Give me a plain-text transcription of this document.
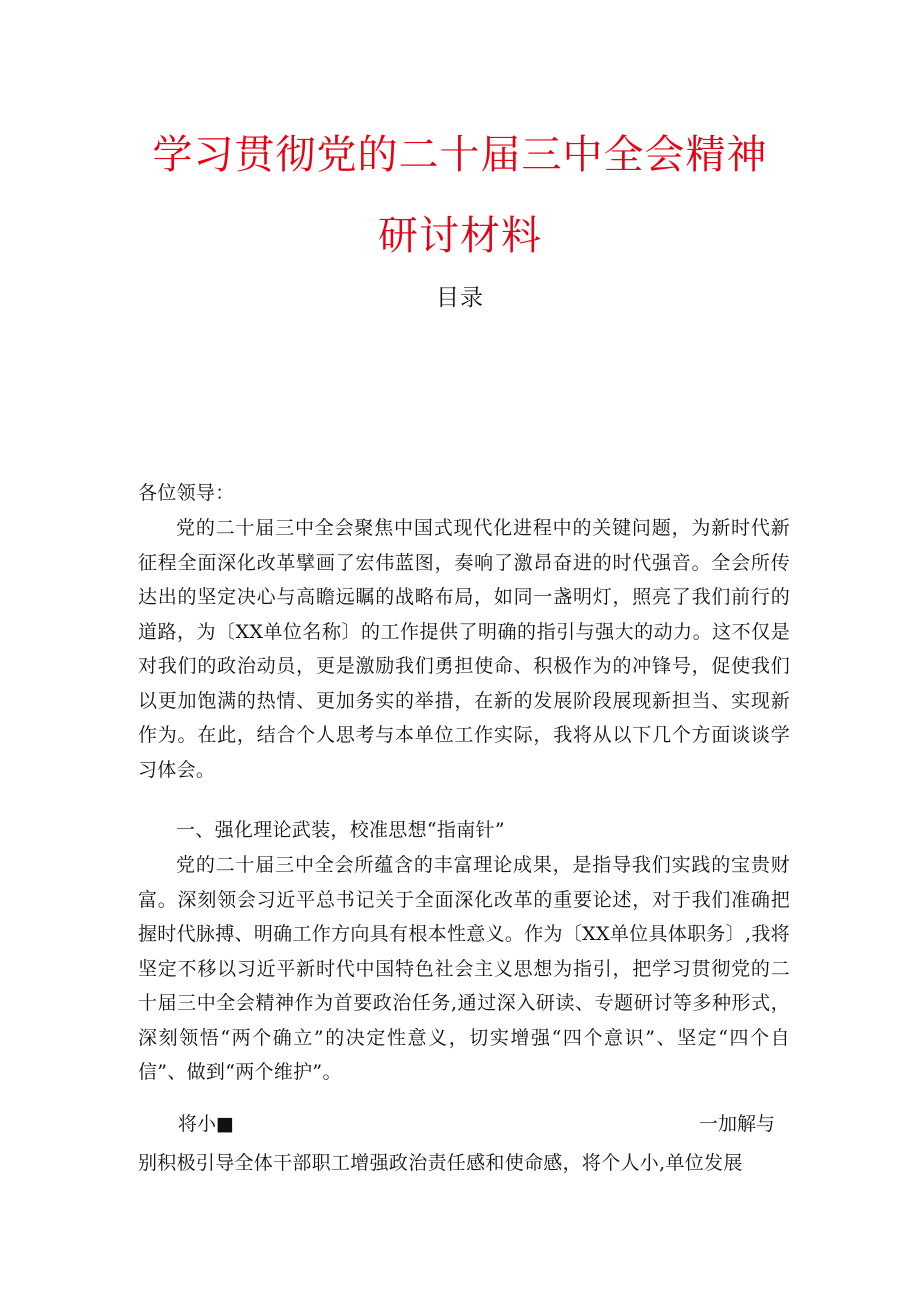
学习贯彻党的二十届三中全会精神
研讨材料
目录
各位领导：
党的二十届三中全会聚焦中国式现代化进程中的关键问题，为新时代新征程全面深化改革擘画了宏伟蓝图，奏响了激昂奋进的时代强音。全会所传达出的坚定决心与高瞻远瞩的战略布局，如同一盏明灯，照亮了我们前行的道路，为〔XX单位名称〕的工作提供了明确的指引与强大的动力。这不仅是对我们的政治动员，更是激励我们勇担使命、积极作为的冲锋号，促使我们以更加饱满的热情、更加务实的举措，在新的发展阶段展现新担当、实现新作为。在此，结合个人思考与本单位工作实际，我将从以下几个方面谈谈学习体会。
一、强化理论武装，校准思想“指南针”
党的二十届三中全会所蕴含的丰富理论成果，是指导我们实践的宝贵财富。深刻领会习近平总书记关于全面深化改革的重要论述，对于我们准确把握时代脉搏、明确工作方向具有根本性意义。作为〔XX单位具体职务〕,我将坚定不移以习近平新时代中国特色社会主义思想为指引，把学习贯彻党的二十届三中全会精神作为首要政治任务,通过深入研读、专题研讨等多种形式，深刻领悟“两个确立”的决定性意义，切实增强“四个意识”、坚定“四个自信”、做到“两个维护”。
将小■	一加解与
别积极引导全体干部职工增强政治责任感和使命感，将个人小,单位发展
